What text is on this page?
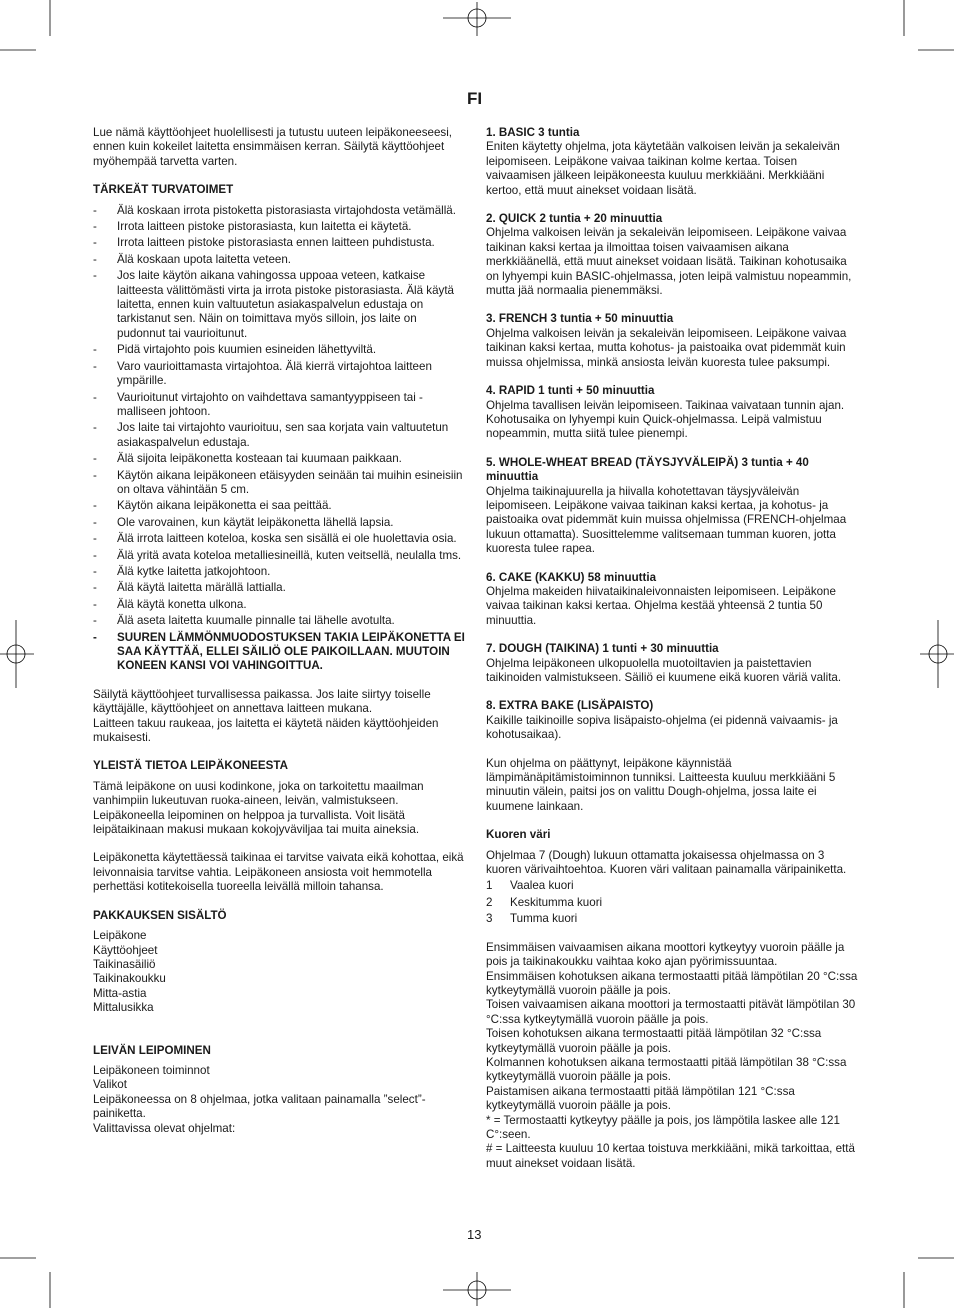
FI

Lue nämä käyttöohjeet huolellisesti ja tutustu uuteen leipäkoneeseesi, ennen kuin kokeilet laitetta ensimmäisen kerran. Säilytä käyttöohjeet myöhempää tarvetta varten.

TÄRKEÄT TURVATOIMET
- Älä koskaan irrota pistoketta pistorasiasta virtajohdosta vetämällä.
- Irrota laitteen pistoke pistorasiasta, kun laitetta ei käytetä.
- Irrota laitteen pistoke pistorasiasta ennen laitteen puhdistusta.
- Älä koskaan upota laitetta veteen.
- Jos laite käytön aikana vahingossa uppoaa veteen, katkaise laitteesta välittömästi virta ja irrota pistoke pistorasiasta. Älä käytä laitetta, ennen kuin valtuutetun asiakaspalvelun edustaja on tarkistanut sen. Näin on toimittava myös silloin, jos laite on pudonnut tai vaurioitunut.
- Pidä virtajohto pois kuumien esineiden lähettyviltä.
- Varo vaurioittamasta virtajohtoa. Älä kierrä virtajohtoa laitteen ympärille.
- Vaurioitunut virtajohto on vaihdettava samantyyppiseen tai -malliseen johtoon.
- Jos laite tai virtajohto vaurioituu, sen saa korjata vain valtuutetun asiakaspalvelun edustaja.
- Älä sijoita leipäkonetta kosteaan tai kuumaan paikkaan.
- Käytön aikana leipäkoneen etäisyyden seinään tai muihin esineisiin on oltava vähintään 5 cm.
- Käytön aikana leipäkonetta ei saa peittää.
- Ole varovainen, kun käytät leipäkonetta lähellä lapsia.
- Älä irrota laitteen koteloa, koska sen sisällä ei ole huolettavia osia.
- Älä yritä avata koteloa metalliesineillä, kuten veitsellä, neulalla tms.
- Älä kytke laitetta jatkojohtoon.
- Älä käytä laitetta märällä lattialla.
- Älä käytä konetta ulkona.
- Älä aseta laitetta kuumalle pinnalle tai lähelle avotulta.
- SUUREN LÄMMÖNMUODOSTUKSEN TAKIA LEIPÄKONETTA EI SAA KÄYTTÄÄ, ELLEI SÄILIÖ OLE PAIKOILLAAN. MUUTOIN KONEEN KANSI VOI VAHINGOITTUA.
Säilytä käyttöohjeet turvallisessa paikassa. Jos laite siirtyy toiselle käyttäjälle, käyttöohjeet on annettava laitteen mukana.
Laitteen takuu raukeaa, jos laitetta ei käytetä näiden käyttöohjeiden mukaisesti.
YLEISTÄ TIETOA LEIPÄKONEESTA

Tämä leipäkone on uusi kodinkone, joka on tarkoitettu maailman vanhimpiin lukeutuvan ruoka-aineen, leivän, valmistukseen. Leipäkoneella leipominen on helppoa ja turvallista. Voit lisätä leipätaikinaan makusi mukaan kokojyväviljaa tai muita aineksia.

Leipäkonetta käytettäessä taikinaa ei tarvitse vaivata eikä kohottaa, eikä leivonnaisia tarvitse vahtia. Leipäkoneen ansiosta voit hemmotella perhettäsi kotitekoisella tuoreella leivällä milloin tahansa.

PAKKAUKSEN SISÄLTÖ
Leipäkone
Käyttöohjeet
Taikinasäiliö
Taikinakoukku
Mitta-astia
Mittalusikka
LEIVÄN LEIPOMINEN
Leipäkoneen toiminnot
Valikot
Leipäkoneessa on 8 ohjelmaa, jotka valitaan painamalla ”select”-painiketta.
Valittavissa olevat ohjelmat:
1. BASIC 3 tuntia
Eniten käytetty ohjelma, jota käytetään valkoisen leivän ja sekaleivän leipomiseen. Leipäkone vaivaa taikinan kolme kertaa. Toisen vaivaamisen jälkeen leipäkoneesta kuuluu merkkiääni. Merkkiääni kertoo, että muut ainekset voidaan lisätä.
2. QUICK 2 tuntia + 20 minuuttia
Ohjelma valkoisen leivän ja sekaleivän leipomiseen. Leipäkone vaivaa taikinan kaksi kertaa ja ilmoittaa toisen vaivaamisen aikana merkkiäänellä, että muut ainekset voidaan lisätä. Taikinan kohotusaika on lyhyempi kuin BASIC-ohjelmassa, joten leipä valmistuu nopeammin, mutta jää normaalia pienemmäksi.
3. FRENCH 3 tuntia + 50 minuuttia
Ohjelma valkoisen leivän ja sekaleivän leipomiseen. Leipäkone vaivaa taikinan kaksi kertaa, mutta kohotus- ja paistoaika ovat pidemmät kuin muissa ohjelmissa, minkä ansiosta leivän kuoresta tulee paksumpi.
4. RAPID 1 tunti + 50 minuuttia
Ohjelma tavallisen leivän leipomiseen. Taikinaa vaivataan tunnin ajan. Kohotusaika on lyhyempi kuin Quick-ohjelmassa. Leipä valmistuu nopeammin, mutta siitä tulee pienempi.
5. WHOLE-WHEAT BREAD (TÄYSJYVÄLEIPÄ) 3 tuntia + 40 minuuttia
Ohjelma taikinajuurella ja hiivalla kohotettavan täysjyväleivän leipomiseen. Leipäkone vaivaa taikinan kaksi kertaa, ja kohotus- ja paistoaika ovat pidemmät kuin muissa ohjelmissa (FRENCH-ohjelmaa lukuun ottamatta). Suosittelemme valitsemaan tumman kuoren, jotta kuoresta tulee rapea.
6. CAKE (KAKKU) 58 minuuttia
Ohjelma makeiden hiivataikinaleivonnaisten leipomiseen. Leipäkone vaivaa taikinan kaksi kertaa. Ohjelma kestää yhteensä 2 tuntia 50 minuuttia.
7. DOUGH (TAIKINA) 1 tunti + 30 minuuttia
Ohjelma leipäkoneen ulkopuolella muotoiltavien ja paistettavien taikinoiden valmistukseen. Säiliö ei kuumene eikä kuoren väriä valita.
8. EXTRA BAKE (LISÄPAISTO)
Kaikille taikinoille sopiva lisäpaisto-ohjelma (ei pidennä vaivaamis- ja kohotusaikaa).

Kun ohjelma on päättynyt, leipäkone käynnistää lämpimänäpitämistoiminnon tunniksi. Laitteesta kuuluu merkkiääni 5 minuutin välein, paitsi jos on valittu Dough-ohjelma, jossa laite ei kuumene lainkaan.

Kuoren väri
Ohjelmaa 7 (Dough) lukuun ottamatta jokaisessa ohjelmassa on 3 kuoren värivaihtoehtoa. Kuoren väri valitaan painamalla väripainiketta.
1	Vaalea kuori
2	Keskitumma kuori
3	Tumma kuori
Ensimmäisen vaivaamisen aikana moottori kytkeytyy vuoroin päälle ja pois ja taikinakoukku vaihtaa koko ajan pyörimissuuntaa.
Ensimmäisen kohotuksen aikana termostaatti pitää lämpötilan 20 °C:ssa kytkeytymällä vuoroin päälle ja pois.
Toisen vaivaamisen aikana moottori ja termostaatti pitävät lämpötilan 30 °C:ssa kytkeytymällä vuoroin päälle ja pois.
Toisen kohotuksen aikana termostaatti pitää lämpötilan 32 °C:ssa kytkeytymällä vuoroin päälle ja pois.
Kolmannen kohotuksen aikana termostaatti pitää lämpötilan 38 °C:ssa kytkeytymällä vuoroin päälle ja pois.
Paistamisen aikana termostaatti pitää lämpötilan 121 °C:ssa kytkeytymällä vuoroin päälle ja pois.
* = Termostaatti kytkeytyy päälle ja pois, jos lämpötila laskee alle 121 C°:seen.
# = Laitteesta kuuluu 10 kertaa toistuva merkkiääni, mikä tarkoittaa, että muut ainekset voidaan lisätä.
13
